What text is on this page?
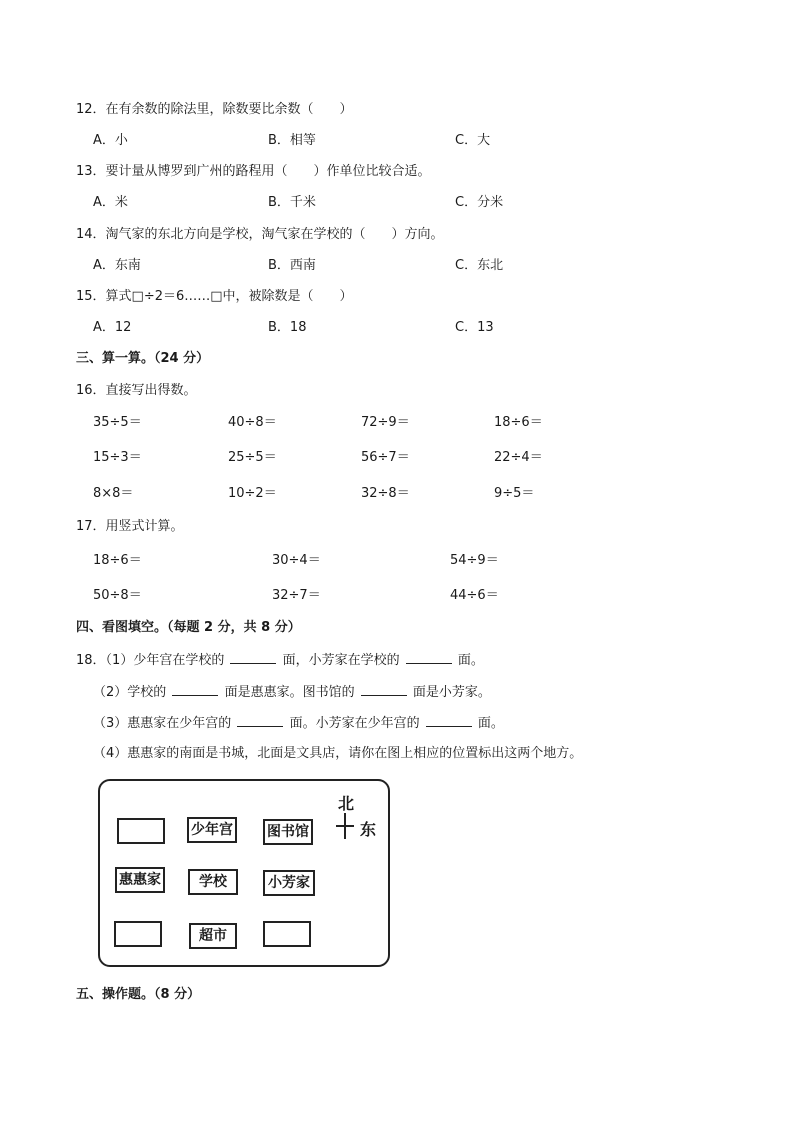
12．在有余数的除法里，除数要比余数（　　）
A．小	B．相等	C．大
13．要计量从博罗到广州的路程用（　　）作单位比较合适。
A．米	B．千米	C．分米
14．淘气家的东北方向是学校，淘气家在学校的（　　）方向。
A．东南	B．西南	C．东北
15．算式□÷2＝6……□中，被除数是（　　）
A．12	B．18	C．13
三、算一算。（24 分）
16．直接写出得数。
35÷5＝	40÷8＝	72÷9＝	18÷6＝
15÷3＝	25÷5＝	56÷7＝	22÷4＝
8×8＝	10÷2＝	32÷8＝	9÷5＝
17．用竖式计算。
18÷6＝	30÷4＝	54÷9＝
50÷8＝	32÷7＝	44÷6＝
四、看图填空。（每题 2 分，共 8 分）
18．（1）少年宫在学校的	面，小芳家在学校的	面。
（2）学校的	面是惠惠家。图书馆的	面是小芳家。
（3）惠惠家在少年宫的	面。小芳家在少年宫的	面。
（4）惠惠家的南面是书城，北面是文具店，请你在图上相应的位置标出这两个地方。
少年宫 图书馆
惠惠家	学校	小芳家
超市
北
东
五、操作题。（8 分）
